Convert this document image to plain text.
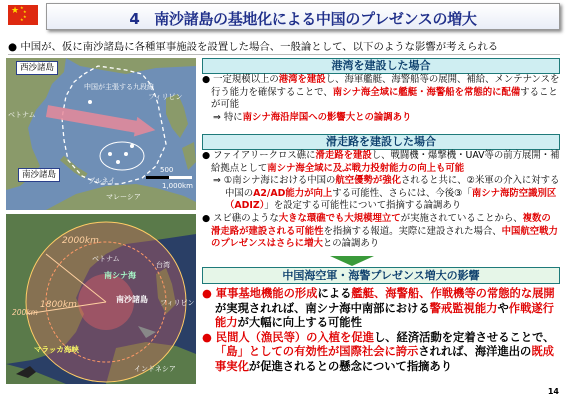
★ ★
★
★
★	4　南沙諸島の基地化による中国のプレゼンスの増大
● 中国が、仮に南沙諸島に各種軍事施設を設置した場合、一般論として、以下のような影響が考えられる
西沙諸島
中国が主張する九段線
ベトナム
フィリピン
南沙諸島
ブルネイ
マレーシア
500
1,000km
2000km
1800km
200km
台湾
ベトナム
南シナ海
南沙諸島 フィリピン
マラッカ海峡
インドネシア
港湾を建設した場合

● 一定規模以上の港湾を建設し、海軍艦艇、海警船等の展開、補給、メンテナンスを行う能力を確保することで、南シナ海全域に艦艇・海警船を常態的に配備することが可能

⇒ 特に南シナ海沿岸国への影響大との論調あり

滑走路を建設した場合

● ファイアリークロス礁に滑走路を建設し、戦闘機・爆撃機・UAV等の前方展開・補給拠点として南シナ海全域に及ぶ戦力投射能力の向上も可能

⇒ ①南シナ海における中国の航空優勢が強化されると共に、②米軍の介入に対する中国のA2/AD能力が向上する可能性、さらには、今後③「南シナ海防空識別区（ADIZ）」を設定する可能性について指摘する論調あり

● スビ礁のような大きな環礁でも大規模埋立てが実施されていることから、複数の滑走路が建設される可能性を指摘する報道。実際に建設された場合、中国航空戦力のプレゼンスはさらに増大との論調あり

中国海空軍・海警プレゼンス増大の影響

● 軍事基地機能の形成による艦艇、海警船、作戦機等の常態的な展開が実現されれば、南シナ海中南部における警戒監視能力や作戦遂行能力が大幅に向上する可能性

● 民間人（漁民等）の入植を促進し、経済活動を定着させることで、「島」としての有効性が国際社会に誇示されれば、海洋進出の既成事実化が促進されるとの懸念について指摘あり

14
